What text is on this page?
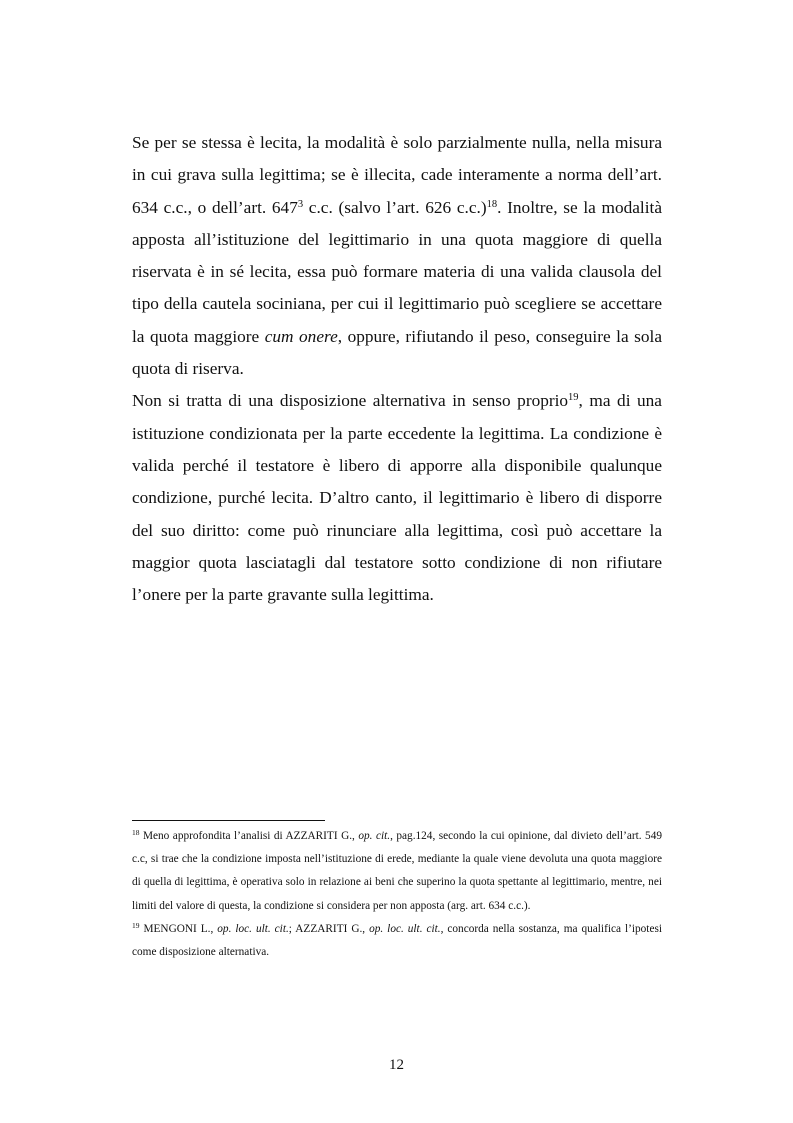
Se per se stessa è lecita, la modalità è solo parzialmente nulla, nella misura in cui grava sulla legittima; se è illecita, cade interamente a norma dell’art. 634 c.c., o dell’art. $647^3$ c.c. (salvo l’art. 626 c.c.)$^{18}$. Inoltre, se la modalità apposta all’istituzione del legittimario in una quota maggiore di quella riservata è in sé lecita, essa può formare materia di una valida clausola del tipo della cautela sociniana, per cui il legittimario può scegliere se accettare la quota maggiore cum onere, oppure, rifiutando il peso, conseguire la sola quota di riserva.

Non si tratta di una disposizione alternativa in senso proprio$^{19}$, ma di una istituzione condizionata per la parte eccedente la legittima. La condizione è valida perché il testatore è libero di apporre alla disponibile qualunque condizione, purché lecita. D’altro canto, il legittimario è libero di disporre del suo diritto: come può rinunciare alla legittima, così può accettare la maggior quota lasciatagli dal testatore sotto condizione di non rifiutare l’onere per la parte gravante sulla legittima.

$^{18}$ Meno approfondita l’analisi di AZZARITI G., op. cit., pag.124, secondo la cui opinione, dal divieto dell’art. 549 c.c, si trae che la condizione imposta nell’istituzione di erede, mediante la quale viene devoluta una quota maggiore di quella di legittima, è operativa solo in relazione ai beni che superino la quota spettante al legittimario, mentre, nei limiti del valore di questa, la condizione si considera per non apposta (arg. art. 634 c.c.).

$^{19}$ MENGONI L., op. loc. ult. cit.; AZZARITI G., op. loc. ult. cit., concorda nella sostanza, ma qualifica l’ipotesi come disposizione alternativa.

12
